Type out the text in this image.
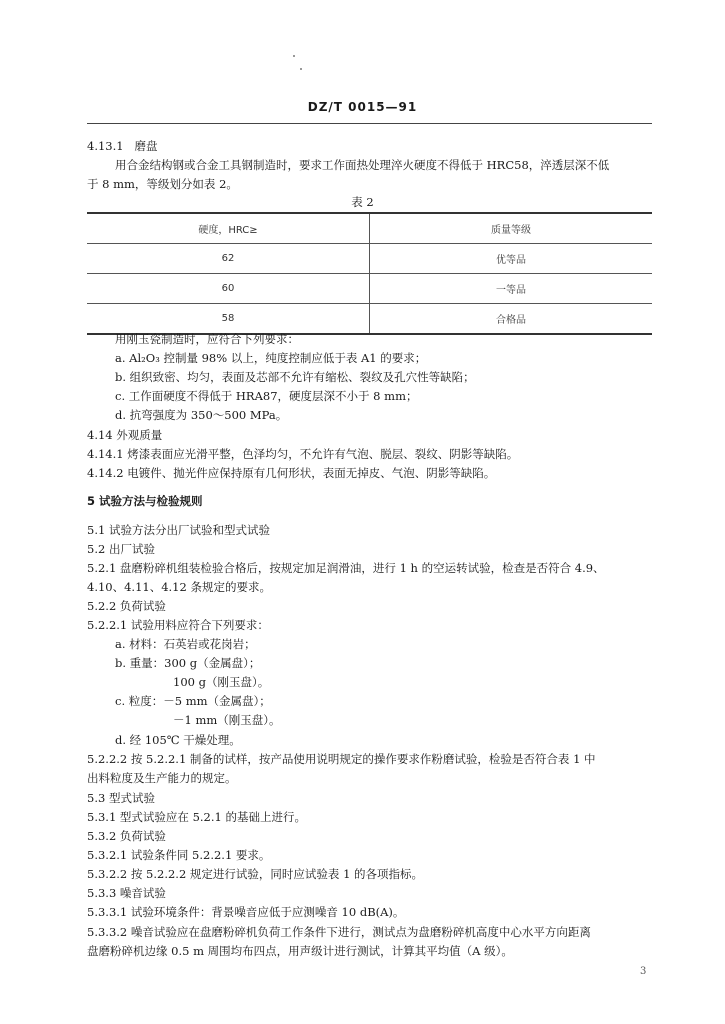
DZ/T 0015—91
4.13.1 磨盘
用合金结构钢或合金工具钢制造时，要求工作面热处理淬火硬度不得低于 HRC58，淬透层深不低
于 8 mm，等级划分如表 2。
表 2
硬度，HRC≥	质量等级
62	优等品
60	一等品
58	合格品
用刚玉瓷制造时，应符合下列要求：
a. Al₂O₃ 控制量 98% 以上，纯度控制应低于表 A1 的要求；
b. 组织致密、均匀，表面及芯部不允许有缩松、裂纹及孔穴性等缺陷；
c. 工作面硬度不得低于 HRA87，硬度层深不小于 8 mm；
d. 抗弯强度为 350～500 MPa。
4.14 外观质量
4.14.1 烤漆表面应光滑平整，色泽均匀，不允许有气泡、脱层、裂纹、阴影等缺陷。
4.14.2 电镀件、抛光件应保持原有几何形状，表面无掉皮、气泡、阴影等缺陷。
5 试验方法与检验规则
5.1 试验方法分出厂试验和型式试验
5.2 出厂试验
5.2.1 盘磨粉碎机组装检验合格后，按规定加足润滑油，进行 1 h 的空运转试验，检查是否符合 4.9、
4.10、4.11、4.12 条规定的要求。
5.2.2 负荷试验
5.2.2.1 试验用料应符合下列要求：
a. 材料：石英岩或花岗岩；
b. 重量：300 g（金属盘）；
100 g（刚玉盘）。
c. 粒度：－5 mm（金属盘）；
－1 mm（刚玉盘）。
d. 经 105℃ 干燥处理。
5.2.2.2 按 5.2.2.1 制备的试样，按产品使用说明规定的操作要求作粉磨试验，检验是否符合表 1 中
出料粒度及生产能力的规定。
5.3 型式试验
5.3.1 型式试验应在 5.2.1 的基础上进行。
5.3.2 负荷试验
5.3.2.1 试验条件同 5.2.2.1 要求。
5.3.2.2 按 5.2.2.2 规定进行试验，同时应试验表 1 的各项指标。
5.3.3 噪音试验
5.3.3.1 试验环境条件：背景噪音应低于应测噪音 10 dB(A)。
5.3.3.2 噪音试验应在盘磨粉碎机负荷工作条件下进行，测试点为盘磨粉碎机高度中心水平方向距离
盘磨粉碎机边缘 0.5 m 周围均布四点，用声级计进行测试，计算其平均值（A 级）。
3
